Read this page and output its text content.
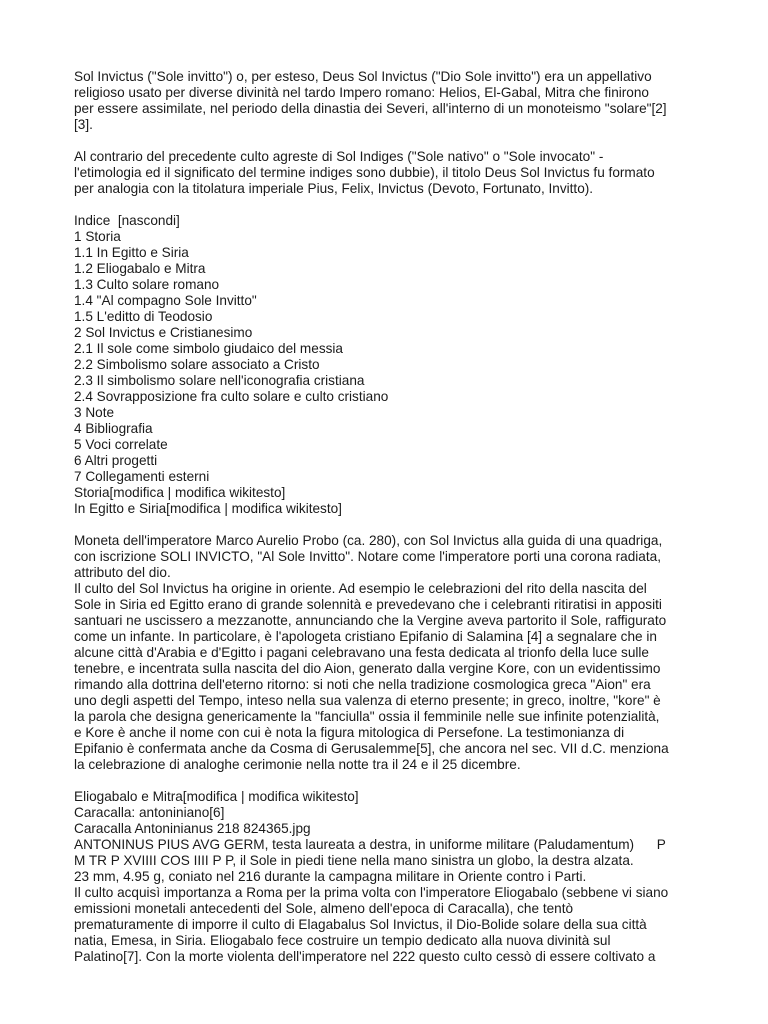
Sol Invictus ("Sole invitto") o, per esteso, Deus Sol Invictus ("Dio Sole invitto") era un appellativo
religioso usato per diverse divinità nel tardo Impero romano: Helios, El-Gabal, Mitra che finirono
per essere assimilate, nel periodo della dinastia dei Severi, all'interno di un monoteismo "solare"[2]
[3].
Al contrario del precedente culto agreste di Sol Indiges ("Sole nativo" o "Sole invocato" -
l'etimologia ed il significato del termine indiges sono dubbie), il titolo Deus Sol Invictus fu formato
per analogia con la titolatura imperiale Pius, Felix, Invictus (Devoto, Fortunato, Invitto).
Indice  [nascondi]
1 Storia
1.1 In Egitto e Siria
1.2 Eliogabalo e Mitra
1.3 Culto solare romano
1.4 "Al compagno Sole Invitto"
1.5 L'editto di Teodosio
2 Sol Invictus e Cristianesimo
2.1 Il sole come simbolo giudaico del messia
2.2 Simbolismo solare associato a Cristo
2.3 Il simbolismo solare nell'iconografia cristiana
2.4 Sovrapposizione fra culto solare e culto cristiano
3 Note
4 Bibliografia
5 Voci correlate
6 Altri progetti
7 Collegamenti esterni
Storia[modifica | modifica wikitesto]
In Egitto e Siria[modifica | modifica wikitesto]
Moneta dell'imperatore Marco Aurelio Probo (ca. 280), con Sol Invictus alla guida di una quadriga,
con iscrizione SOLI INVICTO, "Al Sole Invitto". Notare come l'imperatore porti una corona radiata,
attributo del dio.
Il culto del Sol Invictus ha origine in oriente. Ad esempio le celebrazioni del rito della nascita del
Sole in Siria ed Egitto erano di grande solennità e prevedevano che i celebranti ritiratisi in appositi
santuari ne uscissero a mezzanotte, annunciando che la Vergine aveva partorito il Sole, raffigurato
come un infante. In particolare, è l'apologeta cristiano Epifanio di Salamina [4] a segnalare che in
alcune città d'Arabia e d'Egitto i pagani celebravano una festa dedicata al trionfo della luce sulle
tenebre, e incentrata sulla nascita del dio Aion, generato dalla vergine Kore, con un evidentissimo
rimando alla dottrina dell'eterno ritorno: si noti che nella tradizione cosmologica greca "Aion" era
uno degli aspetti del Tempo, inteso nella sua valenza di eterno presente; in greco, inoltre, "kore" è
la parola che designa genericamente la "fanciulla" ossia il femminile nelle sue infinite potenzialità,
e Kore è anche il nome con cui è nota la figura mitologica di Persefone. La testimonianza di
Epifanio è confermata anche da Cosma di Gerusalemme[5], che ancora nel sec. VII d.C. menziona
la celebrazione di analoghe cerimonie nella notte tra il 24 e il 25 dicembre.
Eliogabalo e Mitra[modifica | modifica wikitesto]
Caracalla: antoniniano[6]
Caracalla Antoninianus 218 824365.jpg
ANTONINUS PIUS AVG GERM, testa laureata a destra, in uniforme militare (Paludamentum)      P
M TR P XVIIII COS IIII P P, il Sole in piedi tiene nella mano sinistra un globo, la destra alzata.
23 mm, 4.95 g, coniato nel 216 durante la campagna militare in Oriente contro i Parti.
Il culto acquisì importanza a Roma per la prima volta con l'imperatore Eliogabalo (sebbene vi siano
emissioni monetali antecedenti del Sole, almeno dell'epoca di Caracalla), che tentò
prematuramente di imporre il culto di Elagabalus Sol Invictus, il Dio-Bolide solare della sua città
natia, Emesa, in Siria. Eliogabalo fece costruire un tempio dedicato alla nuova divinità sul
Palatino[7]. Con la morte violenta dell'imperatore nel 222 questo culto cessò di essere coltivato a
